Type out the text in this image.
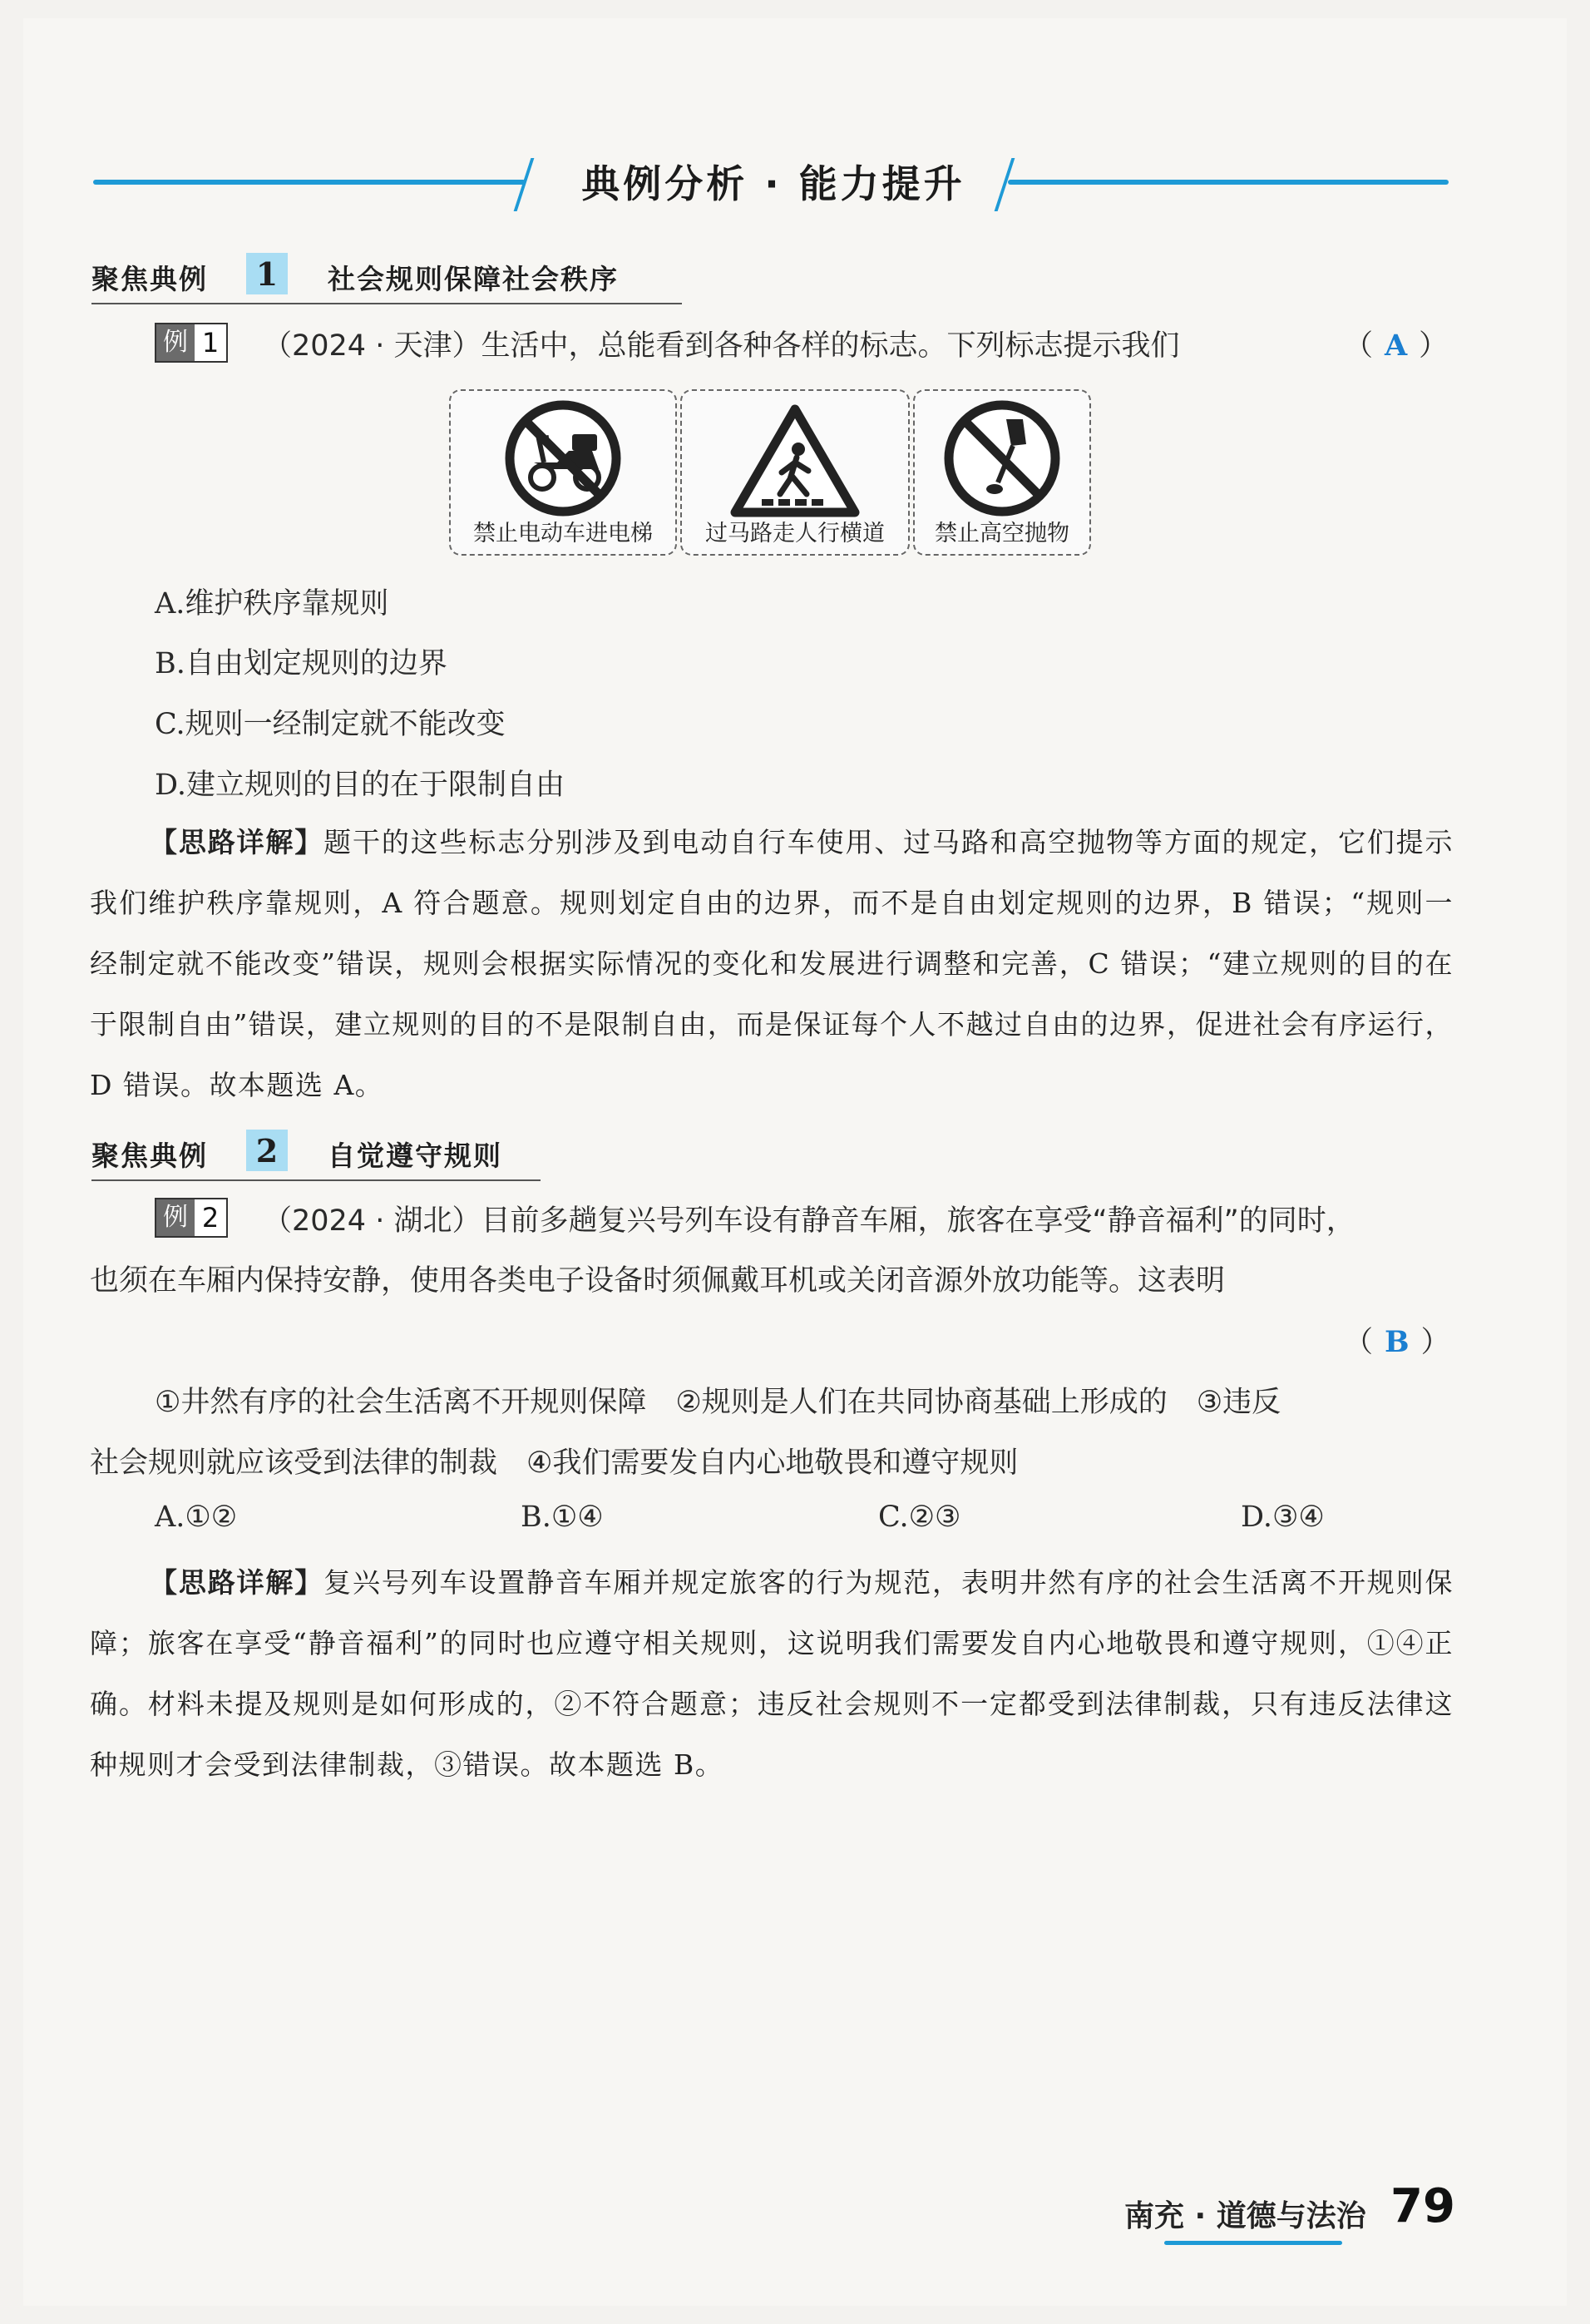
典例分析 · 能力提升
聚焦典例	1	社会规则保障社会秩序
例 1 （2024 · 天津）生活中，总能看到各种各样的标志。下列标志提示我们	（ A ）
禁止电动车进电梯	过马路走人行横道	禁止高空抛物
A.维护秩序靠规则
B.自由划定规则的边界
C.规则一经制定就不能改变
D.建立规则的目的在于限制自由
【思路详解】题干的这些标志分别涉及到电动自行车使用、过马路和高空抛物等方面的规定，它们提示我们维护秩序靠规则，A 符合题意。规则划定自由的边界，而不是自由划定规则的边界，B 错误；“规则一经制定就不能改变”错误，规则会根据实际情况的变化和发展进行调整和完善，C 错误；“建立规则的目的在于限制自由”错误，建立规则的目的不是限制自由，而是保证每个人不越过自由的边界，促进社会有序运行，D 错误。故本题选 A。
聚焦典例	2	自觉遵守规则
例 2 （2024 · 湖北）目前多趟复兴号列车设有静音车厢，旅客在享受“静音福利”的同时，
也须在车厢内保持安静，使用各类电子设备时须佩戴耳机或关闭音源外放功能等。这表明
（ B ）
①井然有序的社会生活离不开规则保障　②规则是人们在共同协商基础上形成的　③违反
社会规则就应该受到法律的制裁　④我们需要发自内心地敬畏和遵守规则
A.①②	B.①④	C.②③	D.③④
【思路详解】复兴号列车设置静音车厢并规定旅客的行为规范，表明井然有序的社会生活离不开规则保障；旅客在享受“静音福利”的同时也应遵守相关规则，这说明我们需要发自内心地敬畏和遵守规则，①④正确。材料未提及规则是如何形成的，②不符合题意；违反社会规则不一定都受到法律制裁，只有违反法律这种规则才会受到法律制裁，③错误。故本题选 B。
南充 · 道德与法治 79
